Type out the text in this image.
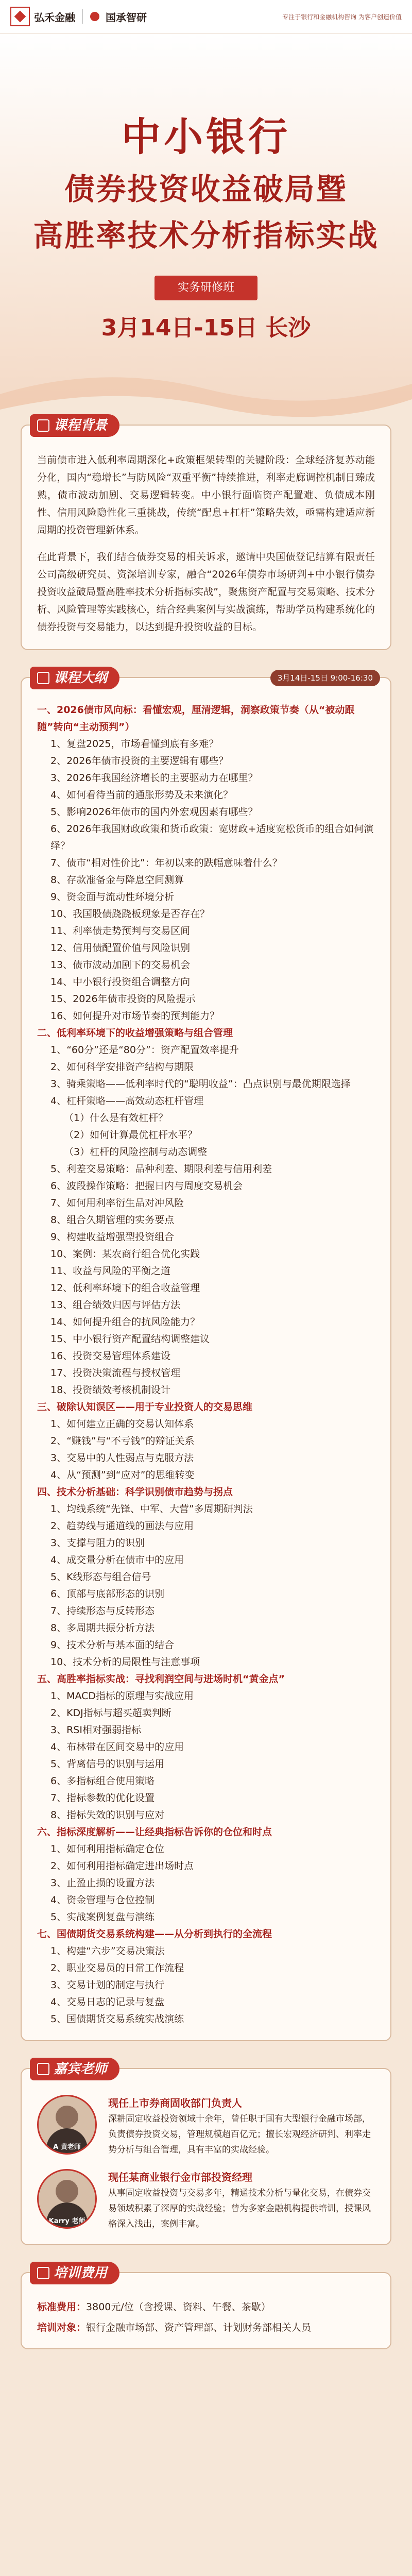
弘禾金融	国承智研	专注于银行和金融机构咨询 为客户创造价值
中小银行
债券投资收益破局暨
高胜率技术分析指标实战
实务研修班
3月14日-15日 长沙
课程背景

当前债市进入低利率周期深化+政策框架转型的关键阶段：全球经济复苏动能分化，国内“稳增长”与防风险“双重平衡”持续推进，利率走廊调控机制日臻成熟，债市波动加剧、交易逻辑转变。中小银行面临资产配置难、负债成本刚性、信用风险隐性化三重挑战，传统“配息+杠杆”策略失效，亟需构建适应新周期的投资管理新体系。

在此背景下，我们结合债券交易的相关诉求，邀请中央国债登记结算有限责任公司高级研究员、资深培训专家，融合“2026年债券市场研判+中小银行债券投资收益破局暨高胜率技术分析指标实战”，聚焦资产配置与交易策略、技术分析、风险管理等实践核心，结合经典案例与实战演练，帮助学员构建系统化的债券投资与交易能力，以达到提升投资收益的目标。

课程大纲	3月14日-15日 9:00-16:30

一、2026债市风向标：看懂宏观，厘清逻辑，洞察政策节奏（从“被动跟随”转向“主动预判”）

1、复盘2025，市场看懂到底有多难？

2、2026年债市投资的主要逻辑有哪些？

3、2026年我国经济增长的主要驱动力在哪里？

4、如何看待当前的通胀形势及未来演化？

5、影响2026年债市的国内外宏观因素有哪些？

6、2026年我国财政政策和货币政策：宽财政+适度宽松货币的组合如何演绎？

7、债市“相对性价比”：年初以来的跌幅意味着什么？

8、存款准备金与降息空间测算

9、资金面与流动性环境分析

10、我国股债跷跷板现象是否存在？

11、利率债走势预判与交易区间

12、信用债配置价值与风险识别

13、债市波动加剧下的交易机会

14、中小银行投资组合调整方向

15、2026年债市投资的风险提示

16、如何提升对市场节奏的预判能力？

二、低利率环境下的收益增强策略与组合管理

1、“60分”还是“80分”：资产配置效率提升

2、如何科学安排资产结构与期限

3、骑乘策略——低利率时代的“聪明收益”：凸点识别与最优期限选择

4、杠杆策略——高效动态杠杆管理

（1）什么是有效杠杆？

（2）如何计算最优杠杆水平？

（3）杠杆的风险控制与动态调整

5、利差交易策略：品种利差、期限利差与信用利差

6、波段操作策略：把握日内与周度交易机会

7、如何用利率衍生品对冲风险

8、组合久期管理的实务要点

9、构建收益增强型投资组合

10、案例：某农商行组合优化实践

11、收益与风险的平衡之道

12、低利率环境下的组合收益管理

13、组合绩效归因与评估方法

14、如何提升组合的抗风险能力？

15、中小银行资产配置结构调整建议

16、投资交易管理体系建设

17、投资决策流程与授权管理

18、投资绩效考核机制设计

三、破除认知误区——用于专业投资人的交易思维

1、如何建立正确的交易认知体系

2、“赚钱”与“不亏钱”的辩证关系

3、交易中的人性弱点与克服方法

4、从“预测”到“应对”的思维转变

四、技术分析基础：科学识别债市趋势与拐点

1、均线系统“先锋、中军、大营”多周期研判法

2、趋势线与通道线的画法与应用

3、支撑与阻力的识别

4、成交量分析在债市中的应用

5、K线形态与组合信号

6、顶部与底部形态的识别

7、持续形态与反转形态

8、多周期共振分析方法

9、技术分析与基本面的结合

10、技术分析的局限性与注意事项

五、高胜率指标实战：寻找利润空间与进场时机“黄金点”

1、MACD指标的原理与实战应用

2、KDJ指标与超买超卖判断

3、RSI相对强弱指标

4、布林带在区间交易中的应用

5、背离信号的识别与运用

6、多指标组合使用策略

7、指标参数的优化设置

8、指标失效的识别与应对

六、指标深度解析——让经典指标告诉你的仓位和时点

1、如何利用指标确定仓位

2、如何利用指标确定进出场时点

3、止盈止损的设置方法

4、资金管理与仓位控制

5、实战案例复盘与演练

七、国债期货交易系统构建——从分析到执行的全流程

1、构建“六步”交易决策法

2、职业交易员的日常工作流程

3、交易计划的制定与执行

4、交易日志的记录与复盘

5、国债期货交易系统实战演练

嘉宾老师
A 黄老师

现任上市券商固收部门负责人

深耕固定收益投资领域十余年，曾任职于国有大型银行金融市场部，负责债券投资交易，管理规模超百亿元；擅长宏观经济研判、利率走势分析与组合管理，具有丰富的实战经验。

Karry 老师

现任某商业银行金市部投资经理

从事固定收益投资与交易多年，精通技术分析与量化交易，在债券交易领域积累了深厚的实战经验；曾为多家金融机构提供培训，授课风格深入浅出，案例丰富。

培训费用

标准费用：3800元/位（含授课、资料、午餐、茶歇）

培训对象：银行金融市场部、资产管理部、计划财务部相关人员
